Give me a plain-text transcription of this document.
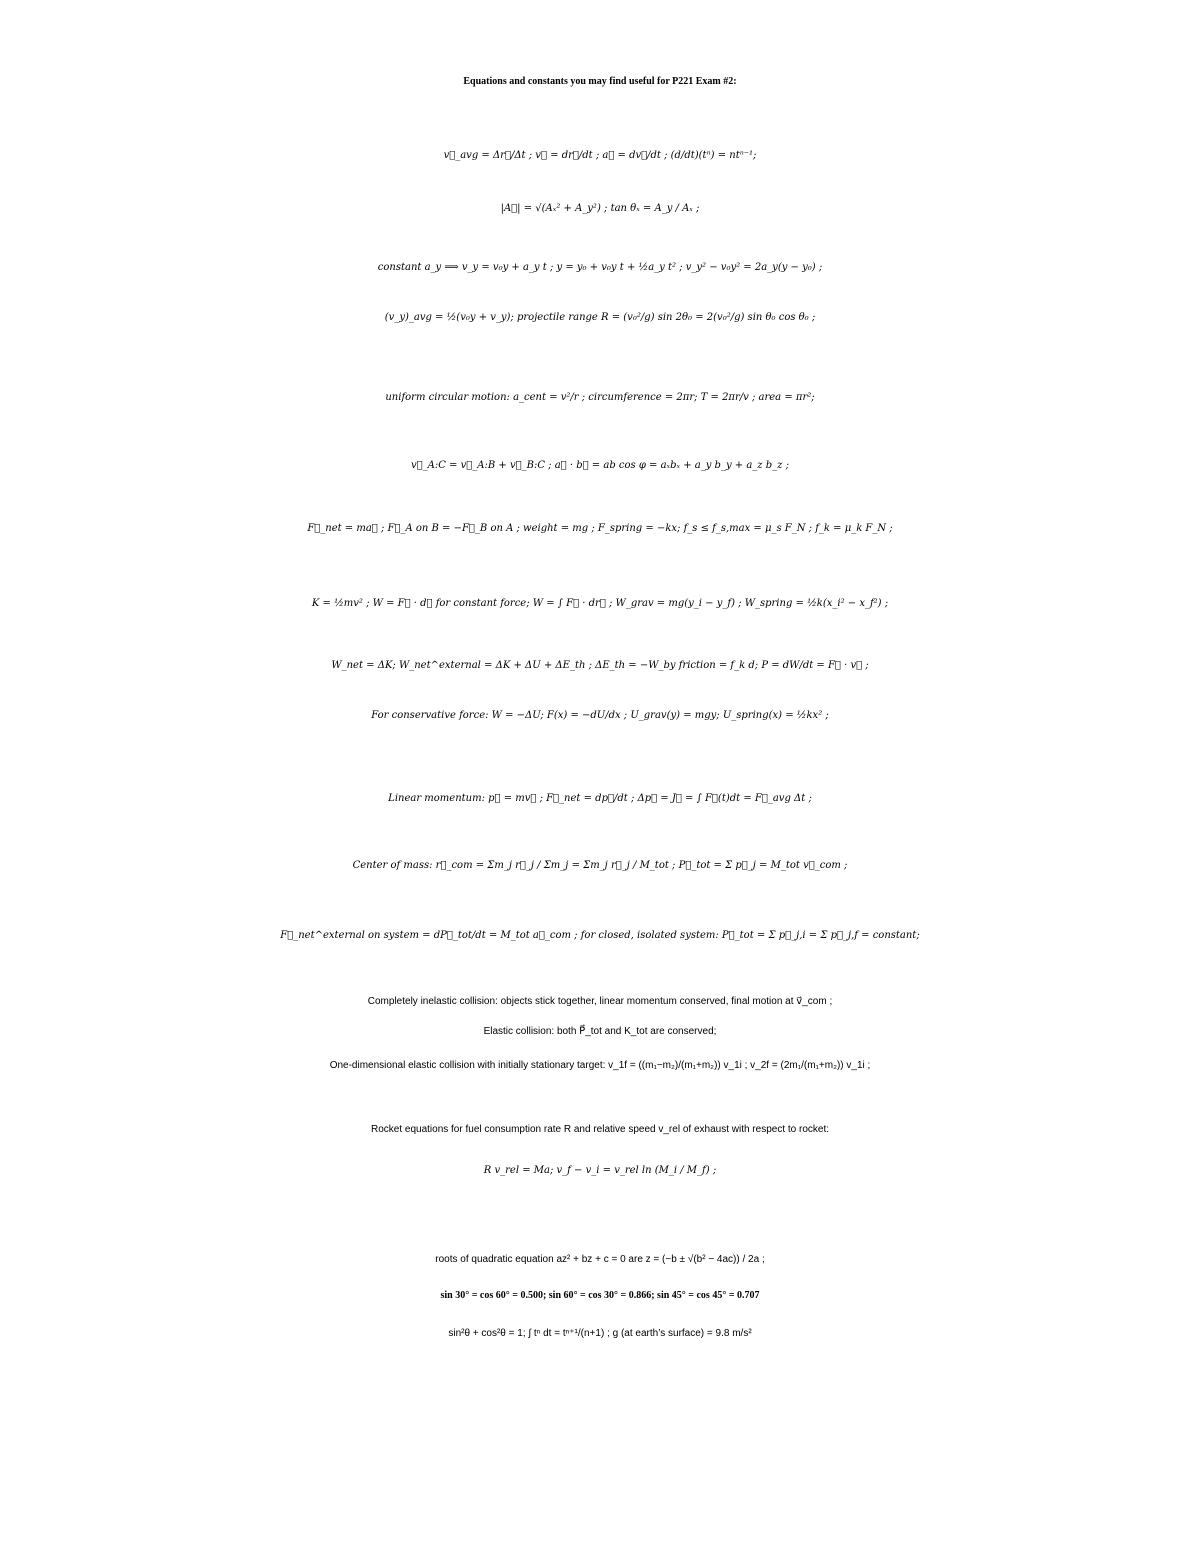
Equations and constants you may find useful for P221 Exam #2:
v⃗_avg = Δr⃗/Δt ; v⃗ = dr⃗/dt ; a⃗ = dv⃗/dt ; (d/dt)(tⁿ) = ntⁿ⁻¹;
|A⃗| = √(Aₓ² + A_y²) ; tan θₓ = A_y / Aₓ ;
constant a_y ⟹ v_y = v₀y + a_y t ; y = y₀ + v₀y t + ½a_y t² ; v_y² − v₀y² = 2a_y(y − y₀) ;
(v_y)_avg = ½(v₀y + v_y); projectile range R = (v₀²/g) sin 2θ₀ = 2(v₀²/g) sin θ₀ cos θ₀ ;
uniform circular motion: a_cent = v²/r ; circumference = 2πr; T = 2πr/v ; area = πr²;
v⃗_A:C = v⃗_A:B + v⃗_B:C ; a⃗ · b⃗ = ab cos φ = aₓbₓ + a_y b_y + a_z b_z ;
F⃗_net = ma⃗ ; F⃗_A on B = −F⃗_B on A ; weight = mg ; F_spring = −kx; f_s ≤ f_s,max = μ_s F_N ; f_k = μ_k F_N ;
K = ½mv² ; W = F⃗ · d⃗ for constant force; W = ∫ F⃗ · dr⃗ ; W_grav = mg(y_i − y_f) ; W_spring = ½k(x_i² − x_f²) ;
W_net = ΔK; W_net^external = ΔK + ΔU + ΔE_th ; ΔE_th = −W_by friction = f_k d; P = dW/dt = F⃗ · v⃗ ;
For conservative force: W = −ΔU; F(x) = −dU/dx ; U_grav(y) = mgy; U_spring(x) = ½kx² ;
Linear momentum: p⃗ = mv⃗ ; F⃗_net = dp⃗/dt ; Δp⃗ = J⃗ = ∫ F⃗(t)dt = F⃗_avg Δt ;
Center of mass: r⃗_com = Σm_j r⃗_j / Σm_j = Σm_j r⃗_j / M_tot ; P⃗_tot = Σ p⃗_j = M_tot v⃗_com ;
F⃗_net^external on system = dP⃗_tot/dt = M_tot a⃗_com ; for closed, isolated system: P⃗_tot = Σ p⃗_j,i = Σ p⃗_j,f = constant;
Completely inelastic collision: objects stick together, linear momentum conserved, final motion at v⃗_com ;
Elastic collision: both P⃗_tot and K_tot are conserved;
One-dimensional elastic collision with initially stationary target: v_1f = ((m₁−m₂)/(m₁+m₂)) v_1i ; v_2f = (2m₁/(m₁+m₂)) v_1i ;
Rocket equations for fuel consumption rate R and relative speed v_rel of exhaust with respect to rocket:
R v_rel = Ma; v_f − v_i = v_rel ln (M_i / M_f) ;
roots of quadratic equation az² + bz + c = 0 are z = (−b ± √(b² − 4ac)) / 2a ;
sin 30° = cos 60° = 0.500; sin 60° = cos 30° = 0.866; sin 45° = cos 45° = 0.707
sin²θ + cos²θ = 1; ∫ tⁿ dt = tⁿ⁺¹/(n+1) ; g (at earth’s surface) = 9.8 m/s²
